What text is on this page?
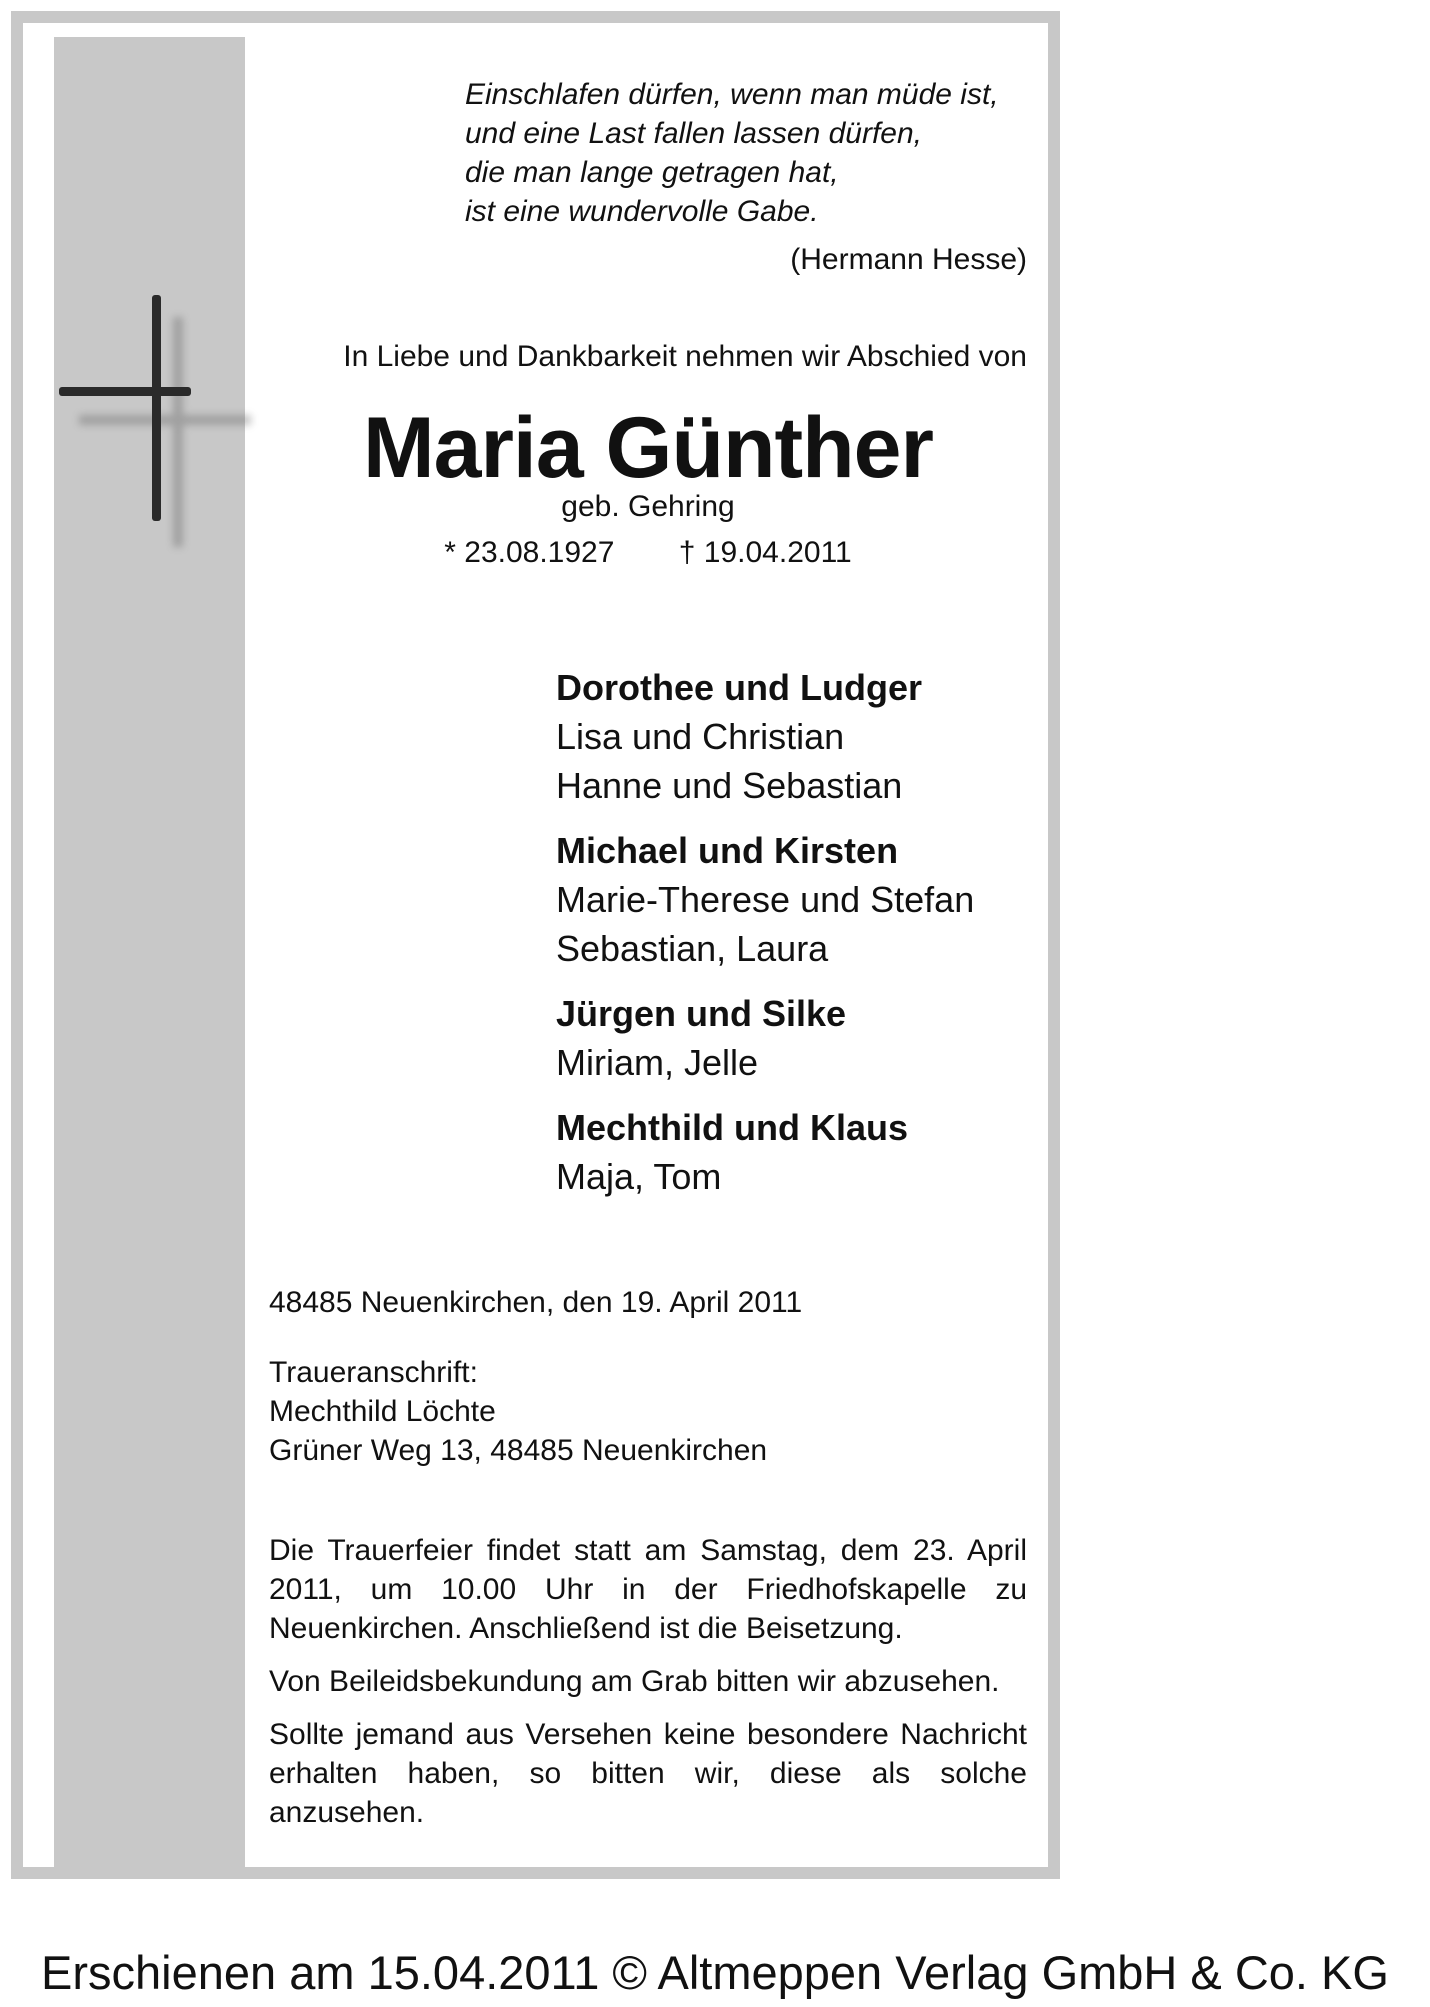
Einschlafen dürfen, wenn man müde ist,
und eine Last fallen lassen dürfen,
die man lange getragen hat,
ist eine wundervolle Gabe.
(Hermann Hesse)
In Liebe und Dankbarkeit nehmen wir Abschied von
Maria Günther
geb. Gehring
* 23.08.1927 † 19.04.2011
Dorothee und Ludger
Lisa und Christian
Hanne und Sebastian
Michael und Kirsten
Marie-Therese und Stefan
Sebastian, Laura
Jürgen und Silke
Miriam, Jelle
Mechthild und Klaus
Maja, Tom
48485 Neuenkirchen, den 19. April 2011
Traueranschrift:
Mechthild Löchte
Grüner Weg 13, 48485 Neuenkirchen

Die Trauerfeier findet statt am Samstag, dem 23. April 2011, um 10.00 Uhr in der Friedhofskapelle zu Neuenkirchen. Anschließend ist die Beisetzung.

Von Beileidsbekundung am Grab bitten wir abzusehen.

Sollte jemand aus Versehen keine besondere Nachricht erhalten haben, so bitten wir, diese als solche anzusehen.

Erschienen am 15.04.2011 © Altmeppen Verlag GmbH & Co. KG
